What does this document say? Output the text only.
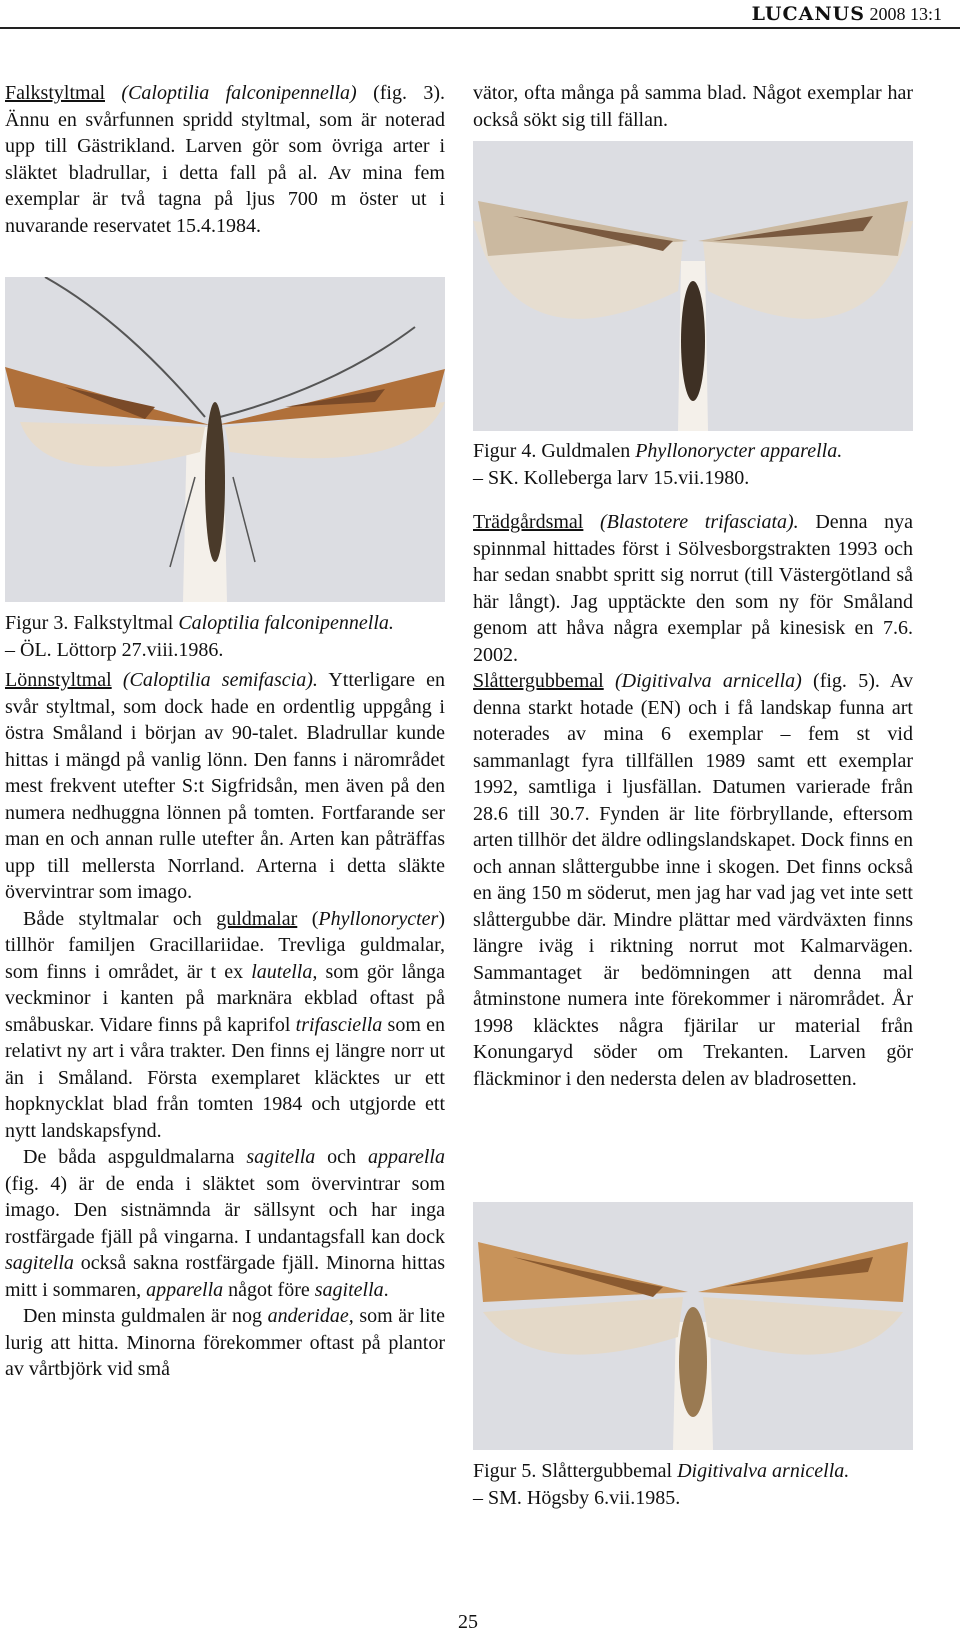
LUCANUS 2008 13:1

Falkstyltmal (Caloptilia falconipennella) (fig. 3). Ännu en svårfunnen spridd styltmal, som är noterad upp till Gästrikland. Larven gör som övriga arter i släktet bladrullar, i detta fall på al. Av mina fem exemplar är två tagna på ljus 700 m öster ut i nuvarande reservatet 15.4.1984.

Figur 3. Falkstyltmal Caloptilia falconipennella.
– ÖL. Löttorp 27.viii.1986.

Lönnstyltmal (Caloptilia semifascia). Ytterligare en svår styltmal, som dock hade en ordentlig uppgång i östra Småland i början av 90-talet. Bladrullar kunde hittas i mängd på vanlig lönn. Den fanns i närområdet mest frekvent utefter S:t Sigfridsån, men även på den numera nedhuggna lönnen på tomten. Fortfarande ser man en och annan rulle utefter ån. Arten kan påträffas upp till mellersta Norrland. Arterna i detta släkte övervintrar som imago.

Både styltmalar och guldmalar (Phyllonorycter) tillhör familjen Gracillariidae. Trevliga guldmalar, som finns i området, är t ex lautella, som gör långa veckminor i kanten på marknära ekblad oftast på småbuskar. Vidare finns på kaprifol trifasciella som en relativt ny art i våra trakter. Den finns ej längre norr ut än i Småland. Första exemplaret kläcktes ur ett hopknycklat blad från tomten 1984 och utgjorde ett nytt landskapsfynd.

De båda aspguldmalarna sagitella och apparella (fig. 4) är de enda i släktet som övervintrar som imago. Den sistnämnda är sällsynt och har inga rostfärgade fjäll på vingarna. I undantagsfall kan dock sagitella också sakna rostfärgade fjäll. Minorna hittas mitt i sommaren, apparella något före sagitella.

Den minsta guldmalen är nog anderidae, som är lite lurig att hitta. Minorna förekommer oftast på plantor av vårtbjörk vid små

vätor, ofta många på samma blad. Något exemplar har också sökt sig till fällan.

Figur 4. Guldmalen Phyllonorycter apparella.
– SK. Kolleberga larv 15.vii.1980.

Trädgårdsmal (Blastotere trifasciata). Denna nya spinnmal hittades först i Sölvesborgstrakten 1993 och har sedan snabbt spritt sig norrut (till Västergötland så här långt). Jag upptäckte den som ny för Småland genom att håva några exemplar på kinesisk en 7.6. 2002.

Slåttergubbemal (Digitivalva arnicella) (fig. 5). Av denna starkt hotade (EN) och i få landskap funna art noterades av mina 6 exemplar – fem st vid sammanlagt fyra tillfällen 1989 samt ett exemplar 1992, samtliga i ljusfällan. Datumen varierade från 28.6 till 30.7. Fynden är lite förbryllande, eftersom arten tillhör det äldre odlingslandskapet. Dock finns en och annan slåttergubbe inne i skogen. Det finns också en äng 150 m söderut, men jag har vad jag vet inte sett slåttergubbe där. Mindre plättar med värdväxten finns längre iväg i riktning norrut mot Kalmarvägen. Sammantaget är bedömningen att denna mal åtminstone numera inte förekommer i närområdet. År 1998 kläcktes några fjärilar ur material från Konungaryd söder om Trekanten. Larven gör fläckminor i den nedersta delen av bladrosetten.

Figur 5. Slåttergubbemal Digitivalva arnicella.
– SM. Högsby 6.vii.1985.

25
